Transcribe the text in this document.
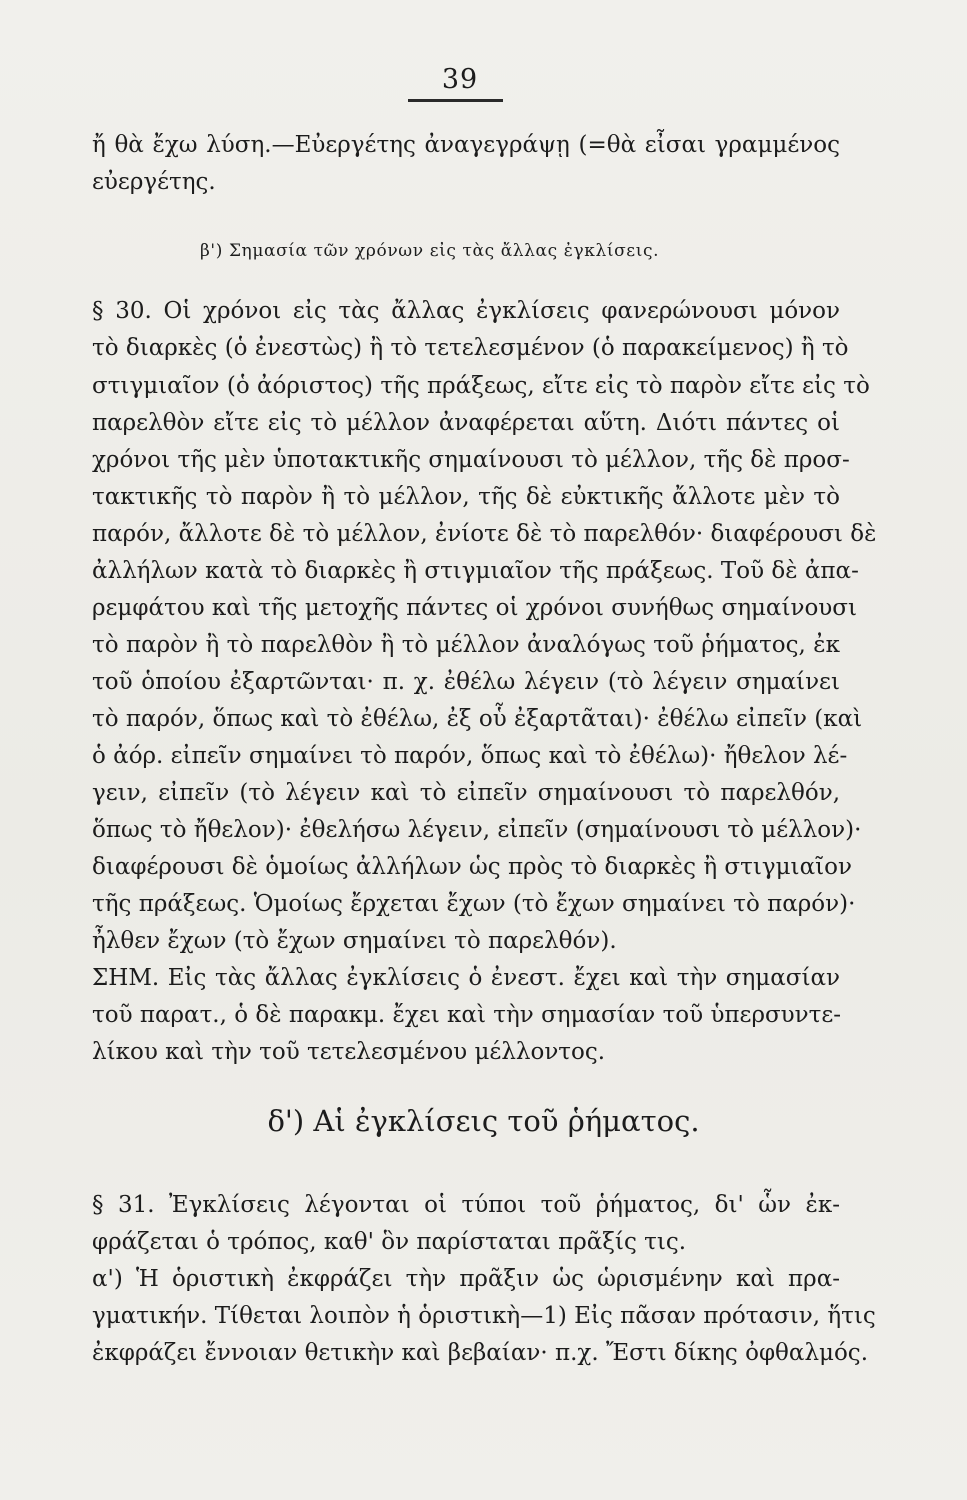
39
ἤ θὰ ἔχω λύση.—Εὐεργέτης ἀναγεγράψῃ (=θὰ εἶσαι γραμμένος
εὐεργέτης.
β') Σημασία τῶν χρόνων εἰς τὰς ἄλλας ἐγκλίσεις.
§ 30. Οἱ χρόνοι εἰς τὰς ἄλλας ἐγκλίσεις φανερώνουσι μόνον
τὸ διαρκὲς (ὁ ἐνεστὼς) ἢ τὸ τετελεσμένον (ὁ παρακείμενος) ἢ τὸ
στιγμιαῖον (ὁ ἀόριστος) τῆς πράξεως, εἴτε εἰς τὸ παρὸν εἴτε εἰς τὸ
παρελθὸν εἴτε εἰς τὸ μέλλον ἀναφέρεται αὕτη. Διότι πάντες οἱ
χρόνοι τῆς μὲν ὑποτακτικῆς σημαίνουσι τὸ μέλλον, τῆς δὲ προσ-
τακτικῆς τὸ παρὸν ἢ τὸ μέλλον, τῆς δὲ εὐκτικῆς ἄλλοτε μὲν τὸ
παρόν, ἄλλοτε δὲ τὸ μέλλον, ἐνίοτε δὲ τὸ παρελθόν· διαφέρουσι δὲ
ἀλλήλων κατὰ τὸ διαρκὲς ἢ στιγμιαῖον τῆς πράξεως. Τοῦ δὲ ἀπα-
ρεμφάτου καὶ τῆς μετοχῆς πάντες οἱ χρόνοι συνήθως σημαίνουσι
τὸ παρὸν ἢ τὸ παρελθὸν ἢ τὸ μέλλον ἀναλόγως τοῦ ῥήματος, ἐκ
τοῦ ὁποίου ἐξαρτῶνται· π. χ. ἐθέλω λέγειν (τὸ λέγειν σημαίνει
τὸ παρόν, ὅπως καὶ τὸ ἐθέλω, ἐξ οὗ ἐξαρτᾶται)· ἐθέλω εἰπεῖν (καὶ
ὁ ἀόρ. εἰπεῖν σημαίνει τὸ παρόν, ὅπως καὶ τὸ ἐθέλω)· ἤθελον λέ-
γειν, εἰπεῖν (τὸ λέγειν καὶ τὸ εἰπεῖν σημαίνουσι τὸ παρελθόν,
ὅπως τὸ ἤθελον)· ἐθελήσω λέγειν, εἰπεῖν (σημαίνουσι τὸ μέλλον)·
διαφέρουσι δὲ ὁμοίως ἀλλήλων ὡς πρὸς τὸ διαρκὲς ἢ στιγμιαῖον
τῆς πράξεως. Ὁμοίως ἔρχεται ἔχων (τὸ ἔχων σημαίνει τὸ παρόν)·
ἦλθεν ἔχων (τὸ ἔχων σημαίνει τὸ παρελθόν).
ΣΗΜ. Εἰς τὰς ἄλλας ἐγκλίσεις ὁ ἐνεστ. ἔχει καὶ τὴν σημασίαν
τοῦ παρατ., ὁ δὲ παρακμ. ἔχει καὶ τὴν σημασίαν τοῦ ὑπερσυντε-
λίκου καὶ τὴν τοῦ τετελεσμένου μέλλοντος.
δ') Αἱ ἐγκλίσεις τοῦ ῥήματος.
§ 31. Ἐγκλίσεις λέγονται οἱ τύποι τοῦ ῥήματος, δι' ὧν ἐκ-
φράζεται ὁ τρόπος, καθ' ὃν παρίσταται πρᾶξίς τις.
α') Ἡ ὁριστικὴ ἐκφράζει τὴν πρᾶξιν ὡς ὡρισμένην καὶ πρα-
γματικήν. Τίθεται λοιπὸν ἡ ὁριστικὴ—1) Εἰς πᾶσαν πρότασιν, ἥτις
ἐκφράζει ἔννοιαν θετικὴν καὶ βεβαίαν· π.χ. Ἔστι δίκης ὀφθαλμός.
